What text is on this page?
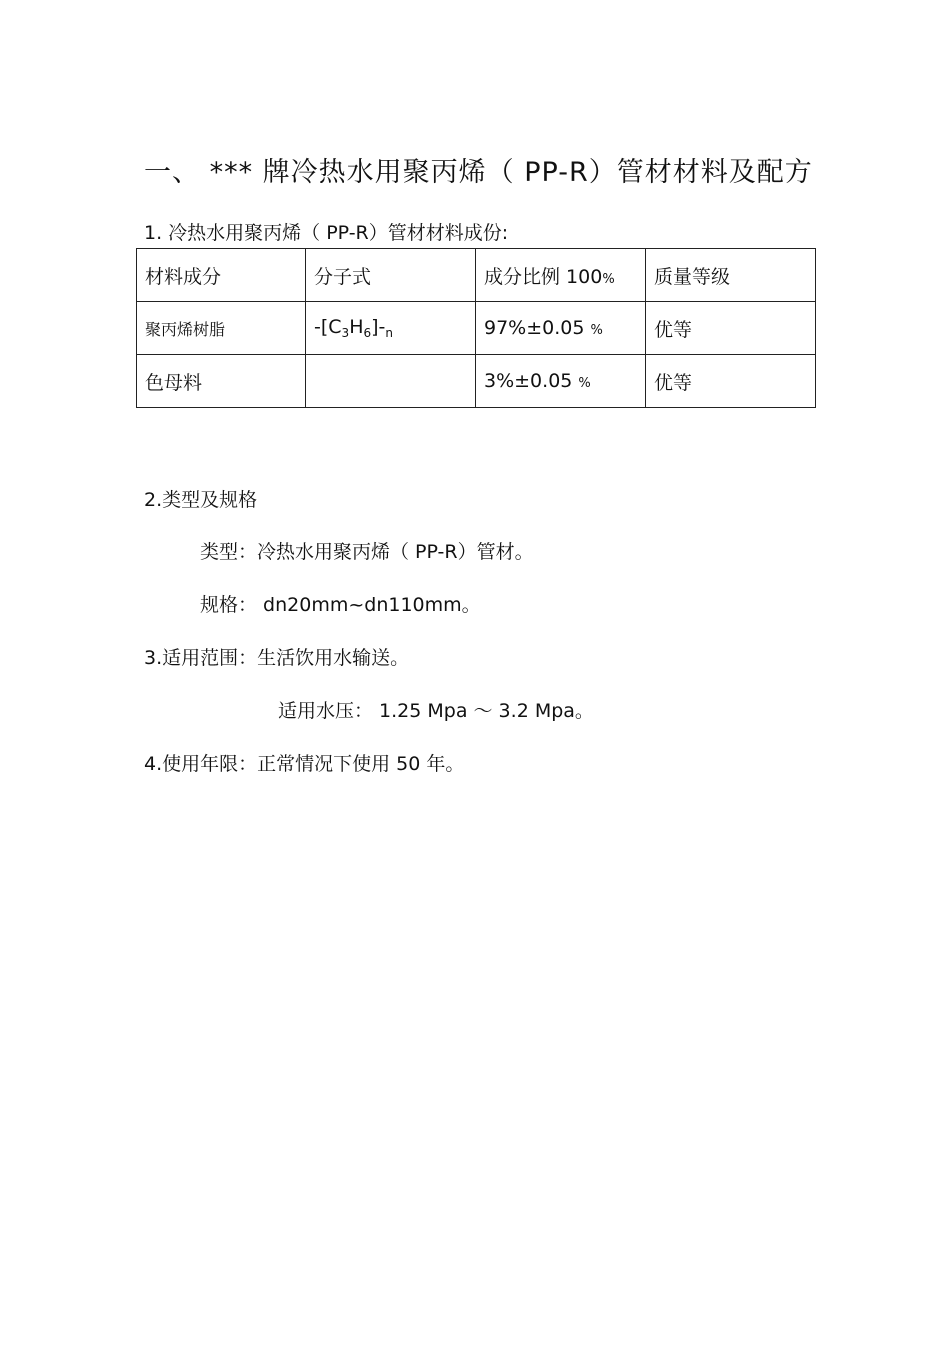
一、 *** 牌冷热水用聚丙烯（ PP-R）管材材料及配方
1. 冷热水用聚丙烯（ PP-R）管材材料成份:
材料成分	分子式	成分比例 100%	质量等级
聚丙烯树脂	$-[C_3H_6]-_n$	97%±0.05 %	优等
色母料		3%±0.05 %	优等
2.类型及规格
类型：冷热水用聚丙烯（ PP-R）管材。
规格： dn20mm~dn110mm。
3.适用范围：生活饮用水输送。
适用水压： 1.25 Mpa ～ 3.2 Mpa。
4.使用年限：正常情况下使用 50 年。
